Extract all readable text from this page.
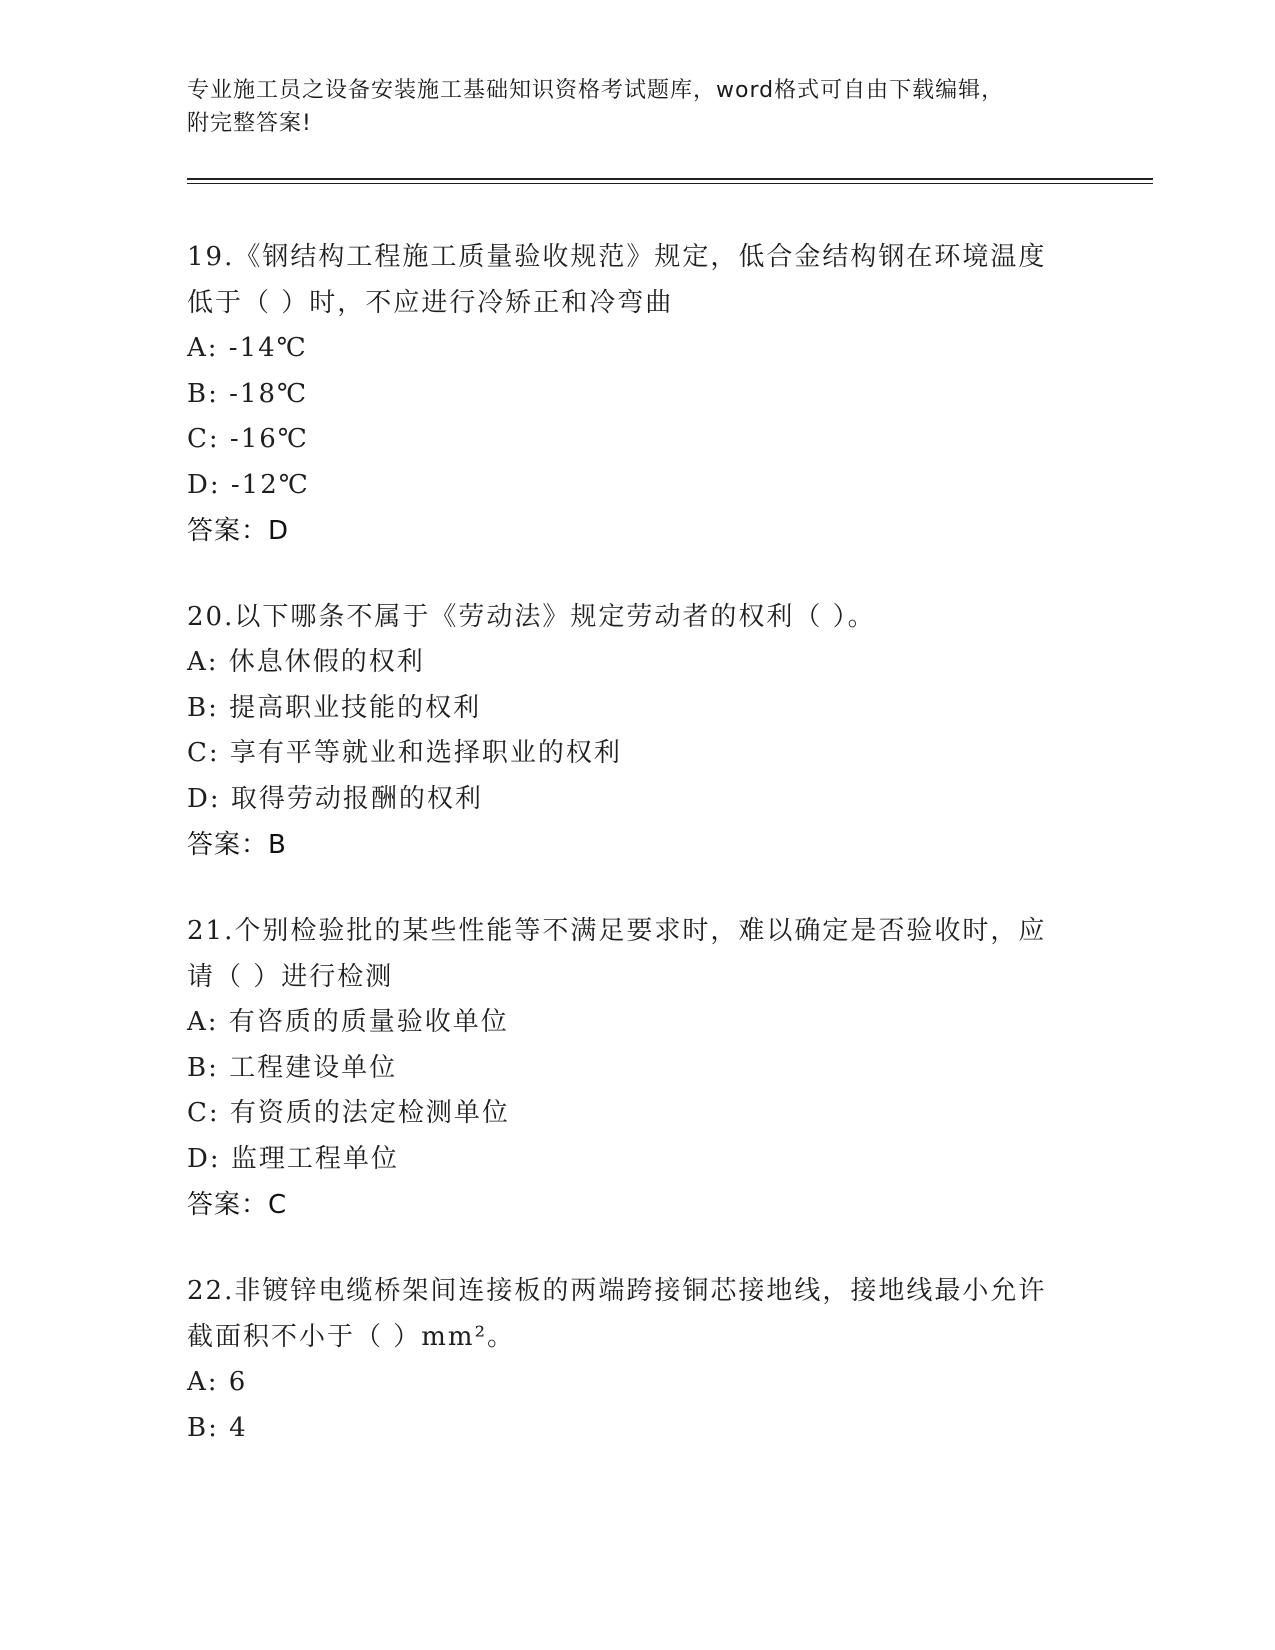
专业施工员之设备安装施工基础知识资格考试题库，word格式可自由下载编辑，

附完整答案!

19.《钢结构工程施工质量验收规范》规定，低合金结构钢在环境温度

低于（ ）时，不应进行冷矫正和冷弯曲

A: -14℃

B: -18℃

C: -16℃

D: -12℃

答案：D

20.以下哪条不属于《劳动法》规定劳动者的权利（ ）。

A: 休息休假的权利

B: 提高职业技能的权利

C: 享有平等就业和选择职业的权利

D: 取得劳动报酬的权利

答案：B

21.个别检验批的某些性能等不满足要求时，难以确定是否验收时，应

请（ ）进行检测

A: 有咨质的质量验收单位

B: 工程建设单位

C: 有资质的法定检测单位

D: 监理工程单位

答案：C

22.非镀锌电缆桥架间连接板的两端跨接铜芯接地线，接地线最小允许

截面积不小于（ ）mm²。

A: 6

B: 4
